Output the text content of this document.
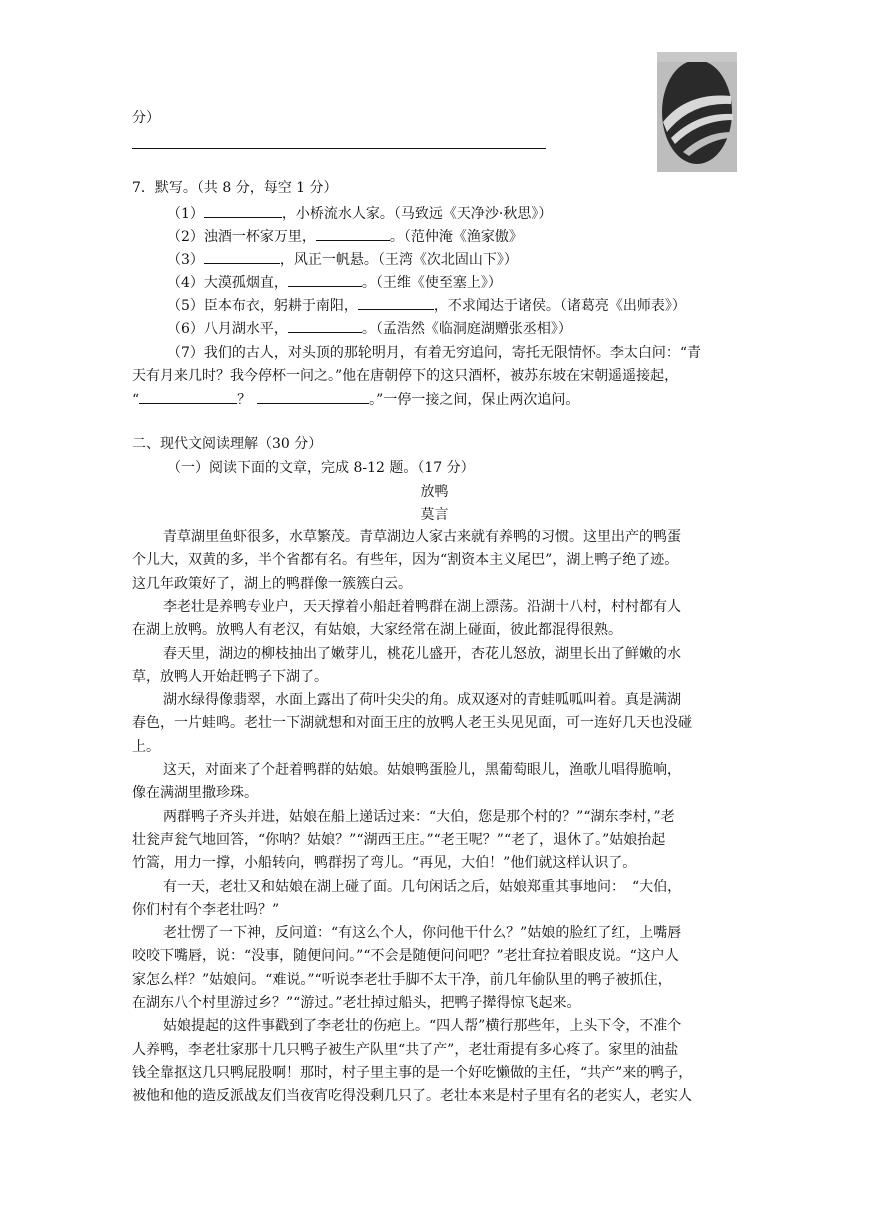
分）
7．默写。（共 8 分，每空 1 分）
（1）	，小桥流水人家。（马致远《天净沙·秋思》）
（2）浊酒一杯家万里，	。（范仲淹《渔家傲》
（3）	，风正一帆悬。（王湾《次北固山下》）
（4）大漠孤烟直，	。（王维《使至塞上》）
（5）臣本布衣，躬耕于南阳，	，不求闻达于诸侯。（诸葛亮《出师表》）
（6）八月湖水平，	。（孟浩然《临洞庭湖赠张丞相》）
（7）我们的古人，对头顶的那轮明月，有着无穷追问，寄托无限情怀。李太白问：“青
天有月来几时？我今停杯一问之。”他在唐朝停下的这只酒杯，被苏东坡在宋朝遥遥接起，
“	？	。”一停一接之间，保止两次追问。
二、现代文阅读理解（30 分）
（一）阅读下面的文章，完成 8-12 题。（17 分）
放鸭
莫言
青草湖里鱼虾很多，水草繁茂。青草湖边人家古来就有养鸭的习惯。这里出产的鸭蛋
个儿大，双黄的多，半个省都有名。有些年，因为“割资本主义尾巴”，湖上鸭子绝了迹。
这几年政策好了，湖上的鸭群像一簇簇白云。
李老壮是养鸭专业户，天天撑着小船赶着鸭群在湖上漂荡。沿湖十八村，村村都有人
在湖上放鸭。放鸭人有老汉，有姑娘，大家经常在湖上碰面，彼此都混得很熟。
春天里，湖边的柳枝抽出了嫩芽儿，桃花儿盛开，杏花儿怒放，湖里长出了鲜嫩的水
草，放鸭人开始赶鸭子下湖了。
湖水绿得像翡翠，水面上露出了荷叶尖尖的角。成双逐对的青蛙呱呱叫着。真是满湖
春色，一片蛙鸣。老壮一下湖就想和对面王庄的放鸭人老王头见见面，可一连好几天也没碰
上。
这天，对面来了个赶着鸭群的姑娘。姑娘鸭蛋脸儿，黑葡萄眼儿，渔歌儿唱得脆响，
像在满湖里撒珍珠。
两群鸭子齐头并进，姑娘在船上递话过来：“大伯，您是那个村的？”“湖东李村，”老
壮瓮声瓮气地回答，“你呐？姑娘？”“湖西王庄。”“老王呢？”“老了，退休了。”姑娘抬起
竹篙，用力一撑，小船转向，鸭群拐了弯儿。“再见，大伯！”他们就这样认识了。
有一天，老壮又和姑娘在湖上碰了面。几句闲话之后，姑娘郑重其事地问：　“大伯，
你们村有个李老壮吗？”
老壮愣了一下神，反问道：“有这么个人，你问他干什么？”姑娘的脸红了红，上嘴唇
咬咬下嘴唇，说：“没事，随便问问。”“不会是随便问问吧？”老壮耷拉着眼皮说。“这户人
家怎么样？”姑娘问。“难说。”“听说李老壮手脚不太干净，前几年偷队里的鸭子被抓住，
在湖东八个村里游过乡？”“游过。”老壮掉过船头，把鸭子撵得惊飞起来。
姑娘提起的这件事戳到了李老壮的伤疤上。“四人帮”横行那些年，上头下令，不准个
人养鸭，李老壮家那十几只鸭子被生产队里“共了产”，老壮甭提有多心疼了。家里的油盐
钱全靠抠这几只鸭屁股啊！那时，村子里主事的是一个好吃懒做的主任，“共产”来的鸭子，
被他和他的造反派战友们当夜宵吃得没剩几只了。老壮本来是村子里有名的老实人，老实人
